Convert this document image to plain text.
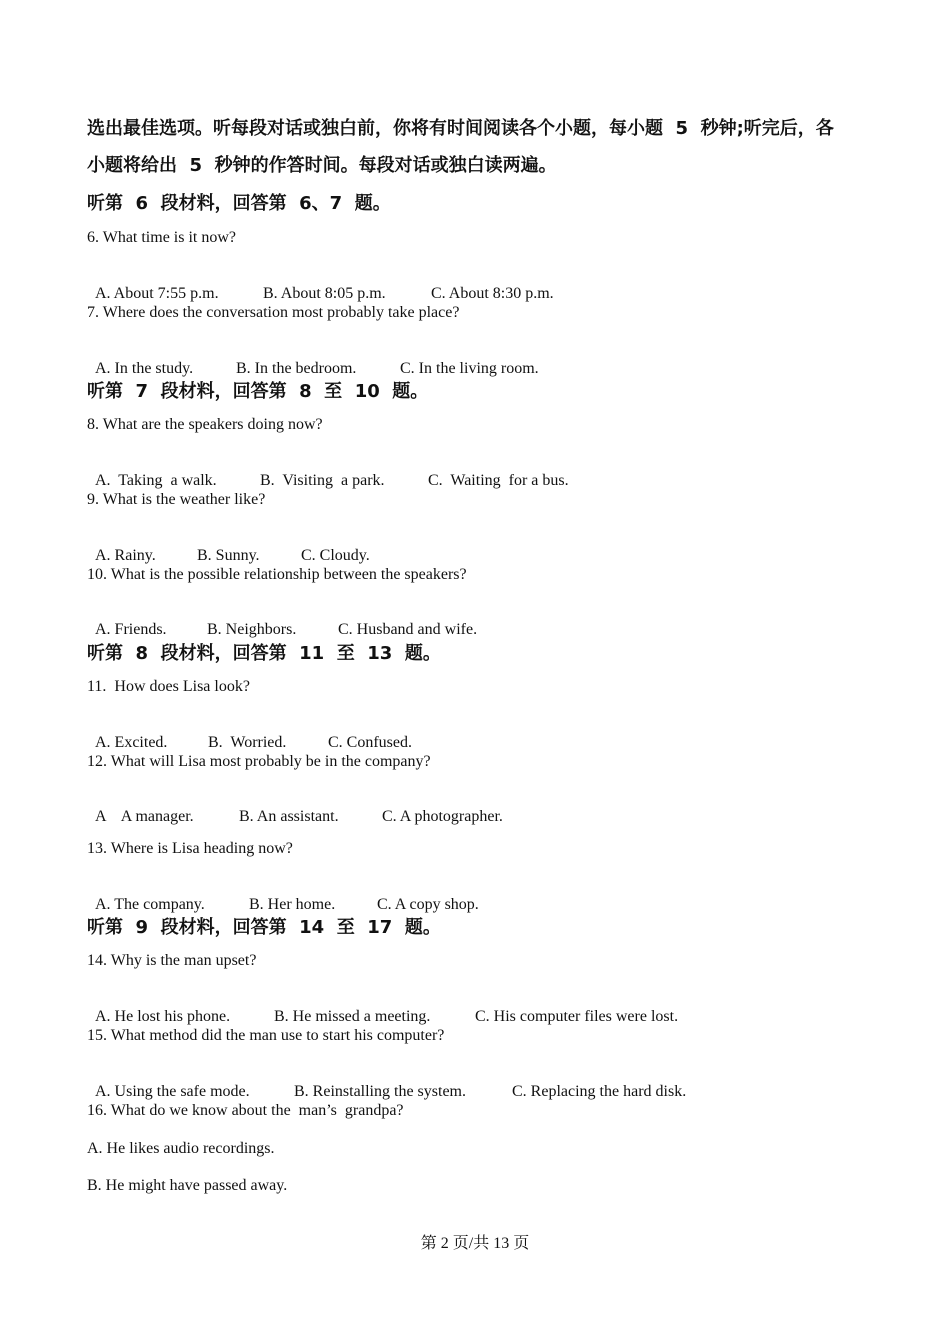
选出最佳选项。听每段对话或独白前，你将有时间阅读各个小题，每小题  5  秒钟;听完后，各
小题将给出  5  秒钟的作答时间。每段对话或独白读两遍。
听第  6  段材料，回答第  6、7  题。
6. What time is it now?

A. About 7:55 p.m.	B. About 8:05 p.m.	C. About 8:30 p.m.

7. Where does the conversation most probably take place?

A. In the study.	B. In the bedroom.	C. In the living room.

听第  7  段材料，回答第  8  至  10  题。
8. What are the speakers doing now?

A.  Taking  a walk.	B.  Visiting  a park.	C.  Waiting  for a bus.

9. What is the weather like?

A. Rainy.	B. Sunny.	C. Cloudy.

10. What is the possible relationship between the speakers?

A. Friends.	B. Neighbors.	C. Husband and wife.

听第  8  段材料，回答第  11  至  13  题。
11.  How does Lisa look?

A. Excited.	B.  Worried.	C. Confused.

12. What will Lisa most probably be in the company?

A    A manager.	B. An assistant.	C. A photographer.

13. Where is Lisa heading now?

A. The company.	B. Her home.	C. A copy shop.

听第  9  段材料，回答第  14  至  17  题。
14. Why is the man upset?

A. He lost his phone.	B. He missed a meeting.	C. His computer files were lost.

15. What method did the man use to start his computer?

A. Using the safe mode.	B. Reinstalling the system.	C. Replacing the hard disk.

16. What do we know about the  man’s  grandpa?
A. He likes audio recordings.
B. He might have passed away.
第 2 页/共 13 页
